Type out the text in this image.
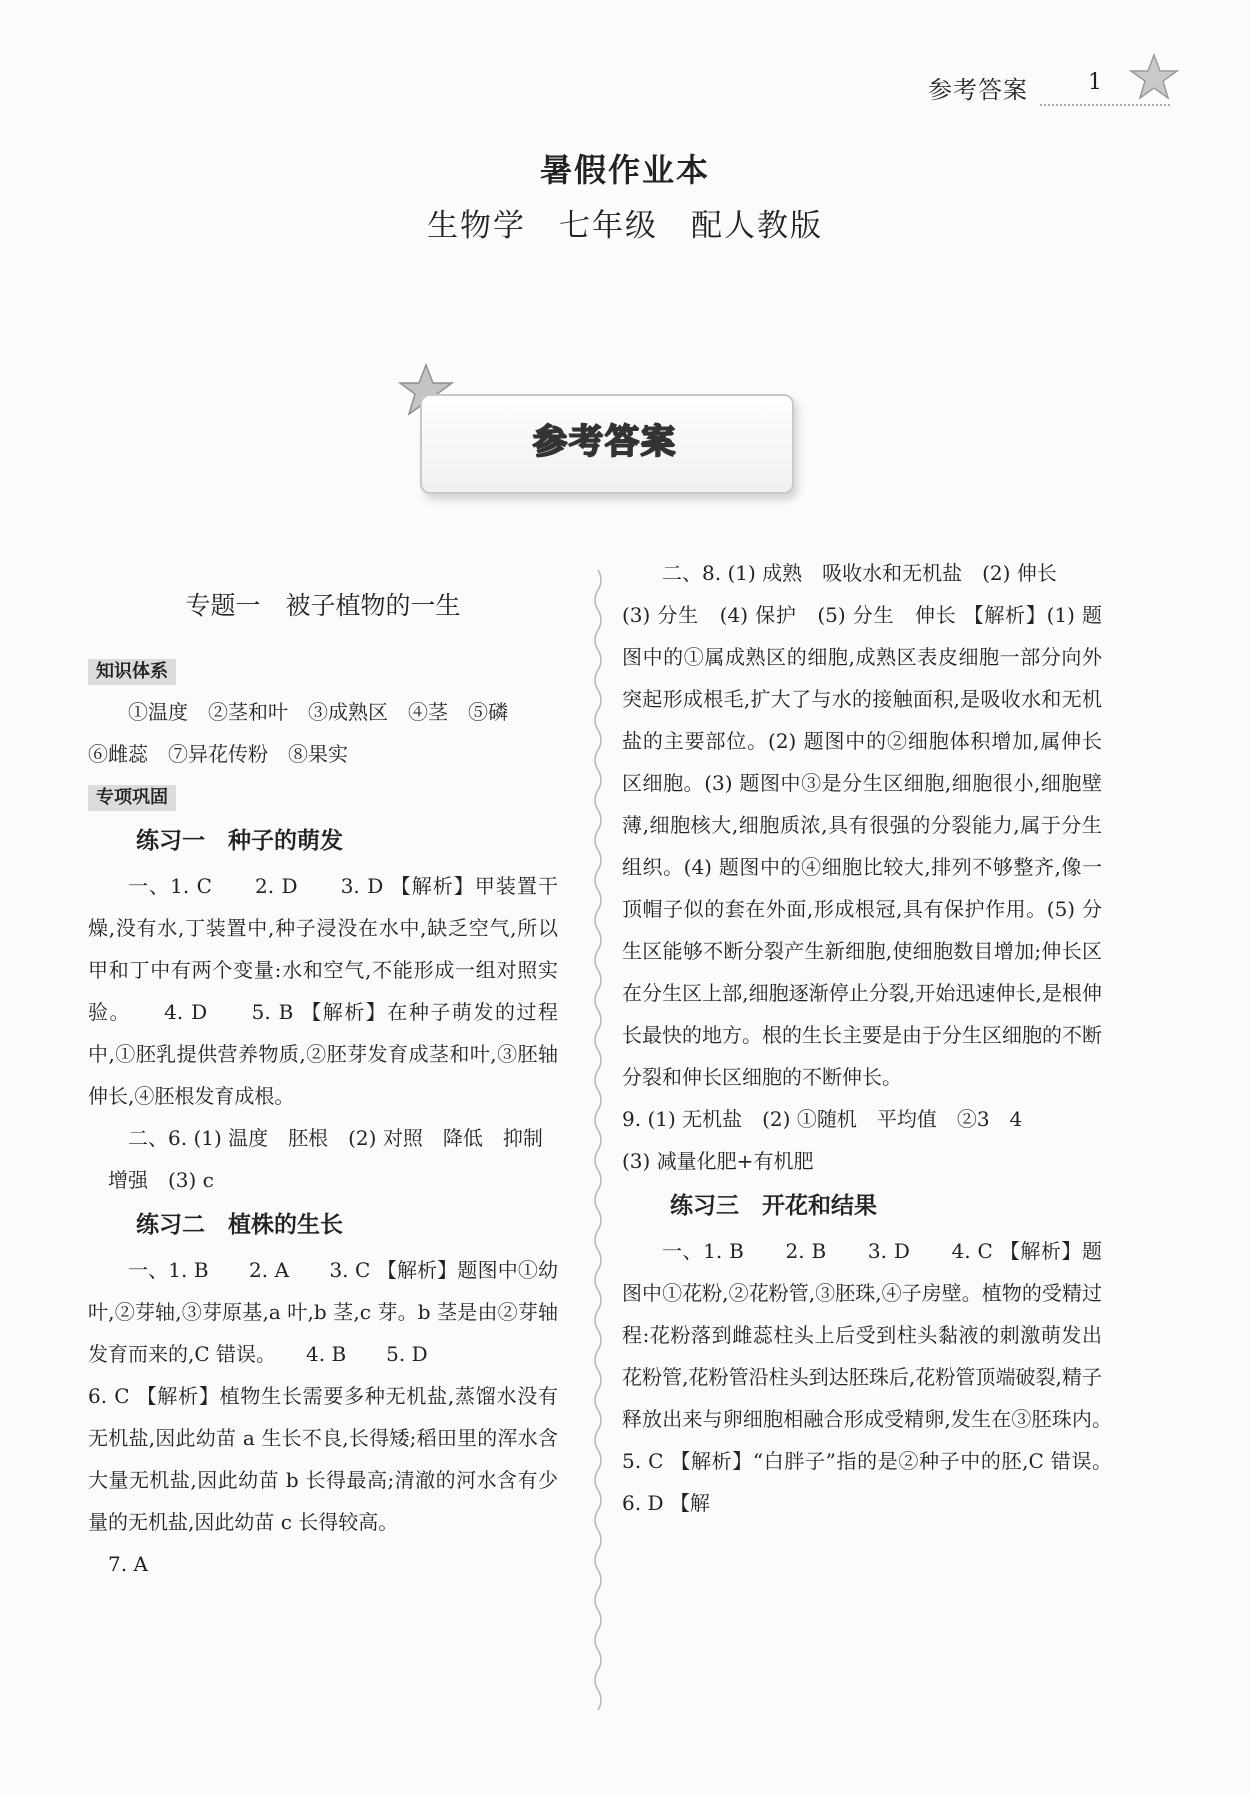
参考答案	1
暑假作业本
生物学　七年级　配人教版
参考答案
专题一　被子植物的一生
知识体系

①温度　②茎和叶　③成熟区　④茎　⑤磷

⑥雌蕊　⑦异花传粉　⑧果实

专项巩固

练习一　种子的萌发

一、1. C　　2. D　　3. D 【解析】甲装置干燥,没有水,丁装置中,种子浸没在水中,缺乏空气,所以甲和丁中有两个变量:水和空气,不能形成一组对照实验。　　4. D　　5. B 【解析】在种子萌发的过程中,①胚乳提供营养物质,②胚芽发育成茎和叶,③胚轴伸长,④胚根发育成根。

二、6. (1) 温度　胚根　(2) 对照　降低　抑制

增强　(3) c

练习二　植株的生长

一、1. B　　2. A　　3. C 【解析】题图中①幼叶,②芽轴,③芽原基,a 叶,b 茎,c 芽。b 茎是由②芽轴发育而来的,C 错误。　　4. B　　5. D

6. C 【解析】植物生长需要多种无机盐,蒸馏水没有无机盐,因此幼苗 a 生长不良,长得矮;稻田里的浑水含大量无机盐,因此幼苗 b 长得最高;清澈的河水含有少量的无机盐,因此幼苗 c 长得较高。

7. A

二、8. (1) 成熟　吸收水和无机盐　(2) 伸长

(3) 分生　(4) 保护　(5) 分生　伸长 【解析】(1) 题图中的①属成熟区的细胞,成熟区表皮细胞一部分向外突起形成根毛,扩大了与水的接触面积,是吸收水和无机盐的主要部位。(2) 题图中的②细胞体积增加,属伸长区细胞。(3) 题图中③是分生区细胞,细胞很小,细胞壁薄,细胞核大,细胞质浓,具有很强的分裂能力,属于分生组织。(4) 题图中的④细胞比较大,排列不够整齐,像一顶帽子似的套在外面,形成根冠,具有保护作用。(5) 分生区能够不断分裂产生新细胞,使细胞数目增加;伸长区在分生区上部,细胞逐渐停止分裂,开始迅速伸长,是根伸长最快的地方。根的生长主要是由于分生区细胞的不断分裂和伸长区细胞的不断伸长。

9. (1) 无机盐　(2) ①随机　平均值　②3　4

(3) 减量化肥+有机肥

练习三　开花和结果

一、1. B　　2. B　　3. D　　4. C 【解析】题图中①花粉,②花粉管,③胚珠,④子房壁。植物的受精过程:花粉落到雌蕊柱头上后受到柱头黏液的刺激萌发出花粉管,花粉管沿柱头到达胚珠后,花粉管顶端破裂,精子释放出来与卵细胞相融合形成受精卵,发生在③胚珠内。　5. C 【解析】“白胖子”指的是②种子中的胚,C 错误。　6. D 【解
